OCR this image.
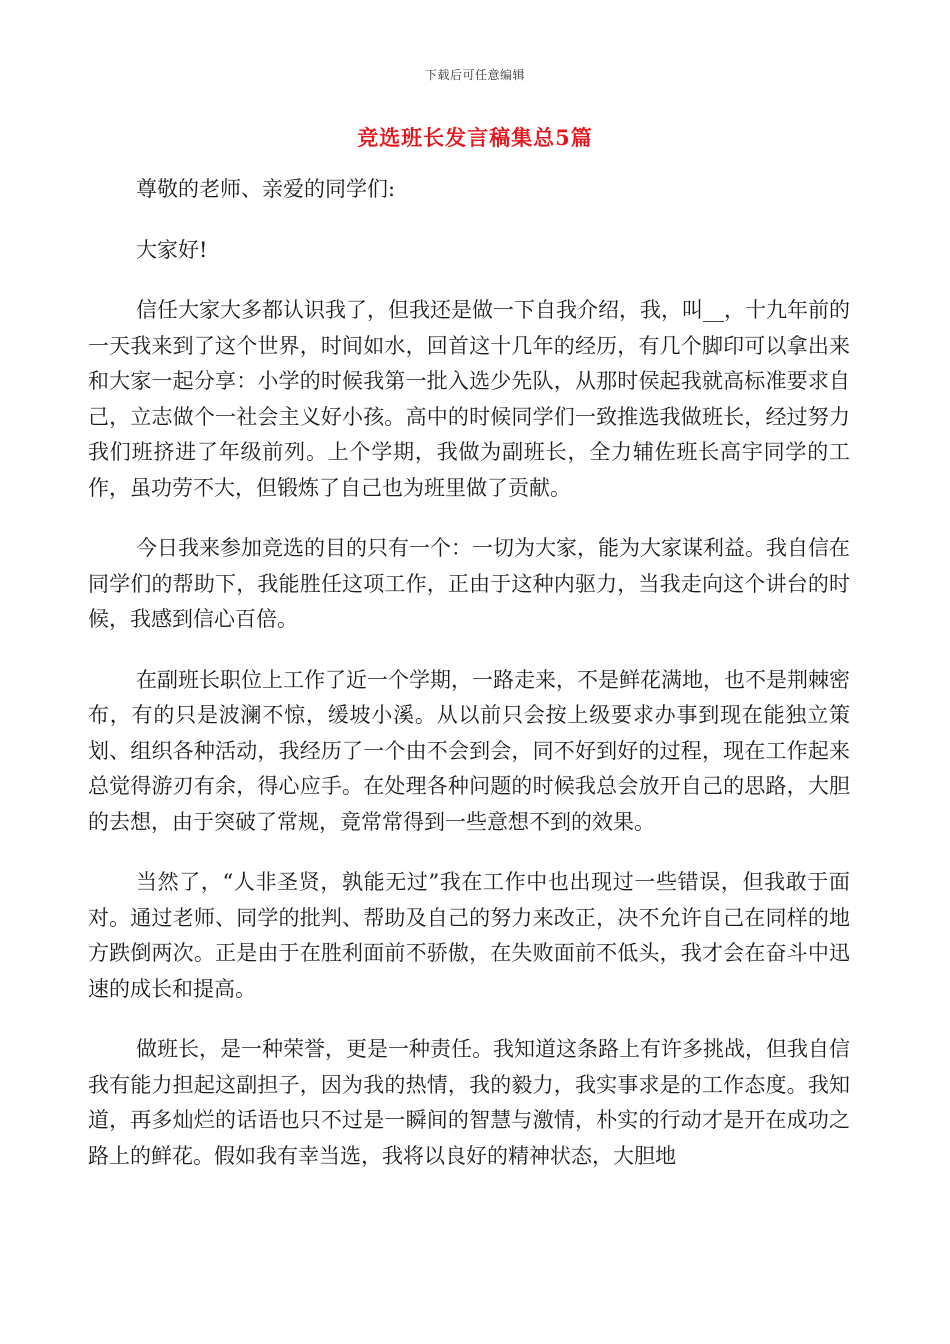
下载后可任意编辑
竞选班长发言稿集总5篇

尊敬的老师、亲爱的同学们:

大家好!

信任大家大多都认识我了，但我还是做一下自我介绍，我，叫__，十九年前的一天我来到了这个世界，时间如水，回首这十几年的经历，有几个脚印可以拿出来和大家一起分享：小学的时候我第一批入选少先队，从那时侯起我就高标准要求自己，立志做个一社会主义好小孩。高中的时候同学们一致推选我做班长，经过努力我们班挤进了年级前列。上个学期，我做为副班长，全力辅佐班长高宇同学的工作，虽功劳不大，但锻炼了自己也为班里做了贡献。

今日我来参加竞选的目的只有一个：一切为大家，能为大家谋利益。我自信在同学们的帮助下，我能胜任这项工作，正由于这种内驱力，当我走向这个讲台的时候，我感到信心百倍。

在副班长职位上工作了近一个学期，一路走来，不是鲜花满地，也不是荆棘密布，有的只是波澜不惊，缓坡小溪。从以前只会按上级要求办事到现在能独立策划、组织各种活动，我经历了一个由不会到会，同不好到好的过程，现在工作起来总觉得游刃有余，得心应手。在处理各种问题的时候我总会放开自己的思路，大胆的去想，由于突破了常规，竟常常得到一些意想不到的效果。

当然了，“人非圣贤，孰能无过”我在工作中也出现过一些错误，但我敢于面对。通过老师、同学的批判、帮助及自己的努力来改正，决不允许自己在同样的地方跌倒两次。正是由于在胜利面前不骄傲，在失败面前不低头，我才会在奋斗中迅速的成长和提高。

做班长，是一种荣誉，更是一种责任。我知道这条路上有许多挑战，但我自信我有能力担起这副担子，因为我的热情，我的毅力，我实事求是的工作态度。我知道，再多灿烂的话语也只不过是一瞬间的智慧与激情，朴实的行动才是开在成功之路上的鲜花。假如我有幸当选，我将以良好的精神状态，大胆地
